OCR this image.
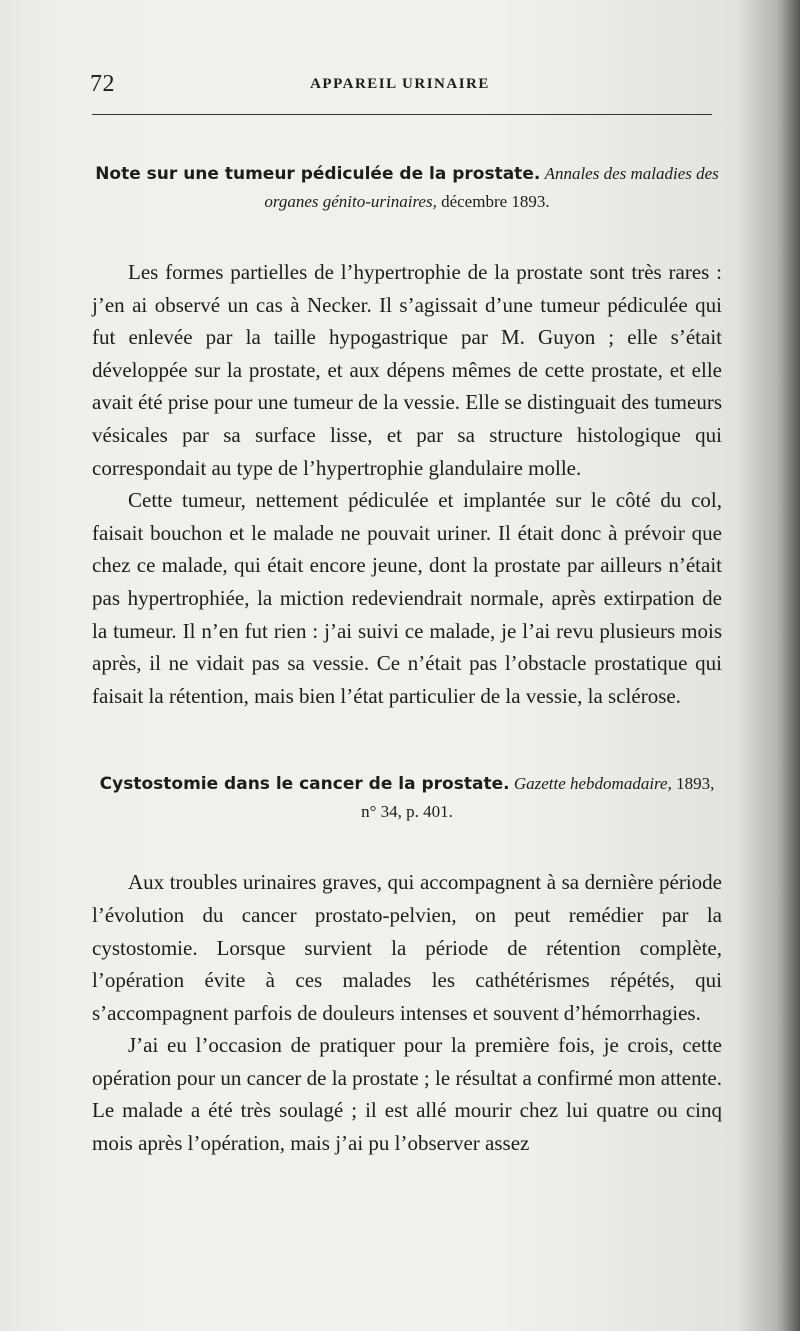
72	APPAREIL URINAIRE
Note sur une tumeur pédiculée de la prostate. Annales des maladies des organes génito-urinaires, décembre 1893.

Les formes partielles de l’hypertrophie de la prostate sont très rares : j’en ai observé un cas à Necker. Il s’agissait d’une tumeur pédiculée qui fut enlevée par la taille hypogastrique par M. Guyon ; elle s’était développée sur la prostate, et aux dépens mêmes de cette prostate, et elle avait été prise pour une tumeur de la vessie. Elle se distinguait des tumeurs vésicales par sa surface lisse, et par sa structure histologique qui correspondait au type de l’hypertrophie glandulaire molle.

Cette tumeur, nettement pédiculée et implantée sur le côté du col, faisait bouchon et le malade ne pouvait uriner. Il était donc à prévoir que chez ce malade, qui était encore jeune, dont la prostate par ailleurs n’était pas hypertrophiée, la miction redeviendrait normale, après extirpation de la tumeur. Il n’en fut rien : j’ai suivi ce malade, je l’ai revu plusieurs mois après, il ne vidait pas sa vessie. Ce n’était pas l’obstacle prostatique qui faisait la rétention, mais bien l’état particulier de la vessie, la sclérose.

Cystostomie dans le cancer de la prostate. Gazette hebdomadaire, 1893, n° 34, p. 401.

Aux troubles urinaires graves, qui accompagnent à sa dernière période l’évolution du cancer prostato-pelvien, on peut remédier par la cystostomie. Lorsque survient la période de rétention complète, l’opération évite à ces malades les cathétérismes répétés, qui s’accompagnent parfois de douleurs intenses et souvent d’hémorrhagies.

J’ai eu l’occasion de pratiquer pour la première fois, je crois, cette opération pour un cancer de la prostate ; le résultat a confirmé mon attente. Le malade a été très soulagé ; il est allé mourir chez lui quatre ou cinq mois après l’opération, mais j’ai pu l’observer assez
